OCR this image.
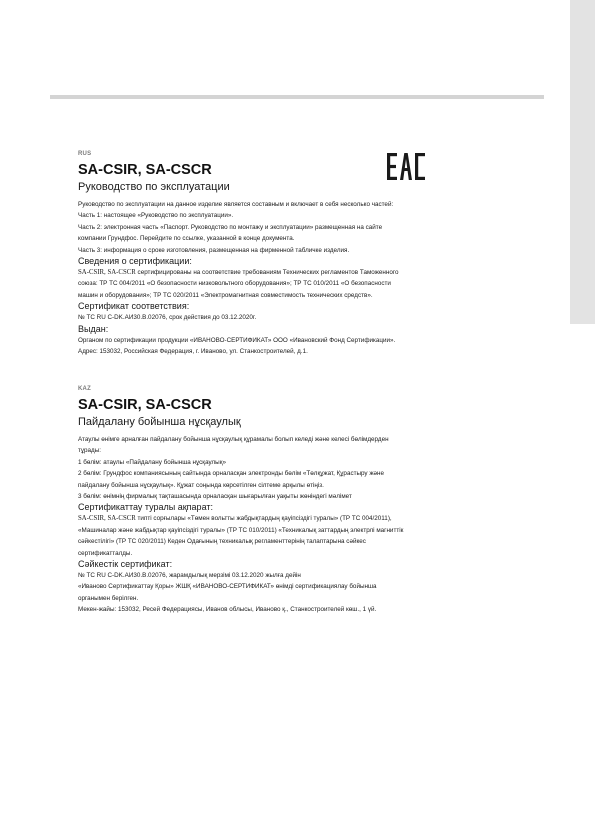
RUS

SA-CSIR, SA-CSCR

Руководство по эксплуатации

Руководство по эксплуатации на данное изделие является составным и включает в себя несколько частей:

Часть 1: настоящее «Руководство по эксплуатации».

Часть 2: электронная часть «Паспорт. Руководство по монтажу и эксплуатации» размещенная на сайте

компании Грундфос. Перейдите по ссылке, указанной в конце документа.

Часть 3: информация о сроке изготовления, размещенная на фирменной табличке изделия.

Сведения о сертификации:

SA-CSIR, SA-CSCR сертифицированы на соответствие требованиям Технических регламентов Таможенного

союза: ТР ТС 004/2011 «О безопасности низковольтного оборудования»; ТР ТС 010/2011 «О безопасности

машин и оборудования»; ТР ТС 020/2011 «Электромагнитная совместимость технических средств».

Сертификат соответствия:

№ ТС RU C-DK.АИ30.В.02076, срок действия до 03.12.2020г.

Выдан:

Органом по сертификации продукции «ИВАНОВО-СЕРТИФИКАТ» ООО «Ивановский Фонд Сертификации».

Адрес: 153032, Российская Федерация, г. Иваново, ул. Станкостроителей, д.1.

KAZ

SA-CSIR, SA-CSCR

Пайдалану бойынша нұсқаулық

Атаулы өнімге арналған пайдалану бойынша нұсқаулық құрамалы болып келеді және келесі бөлімдерден

тұрады:

1 бөлім: атаулы «Пайдалану бойынша нұсқаулық»

2 бөлім: Грундфос компаниясының сайтында орналасқан электронды бөлім «Төлқұжат, Құрастыру және

пайдалану бойынша нұсқаулық». Құжат соңында көрсетілген сілтеме арқылы өтіңіз.

3 бөлім: өнімнің фирмалық тақташасында орналасқан шығарылған уақыты жөніндегі мәлімет

Сертификаттау туралы ақпарат:

SA-CSIR, SA-CSCR типті сорғылары «Төмен вольтты жабдықтардың қауіпсіздігі туралы» (ТР ТС 004/2011),

«Машиналар және жабдықтар қауіпсіздігі туралы» (ТР ТС 010/2011) «Техникалық заттардың электрлі магниттік

сәйкестілігі» (ТР ТС 020/2011) Кеден Одағының техникалық регламенттерінің талаптарына сәйкес

сертификатталды.

Сәйкестік сертификат:

№ ТС RU C-DK.АИ30.В.02076, жарамдылық мерзімі 03.12.2020 жылға дейін

«Иваново Сертификаттау Қоры» ЖШҚ «ИВАНОВО-СЕРТИФИКАТ» өнімді сертификациялау бойынша

органымен берілген.

Мекен-жайы: 153032, Ресей Федерациясы, Иванов облысы, Иваново қ., Станкостроителей көш., 1 үй.
